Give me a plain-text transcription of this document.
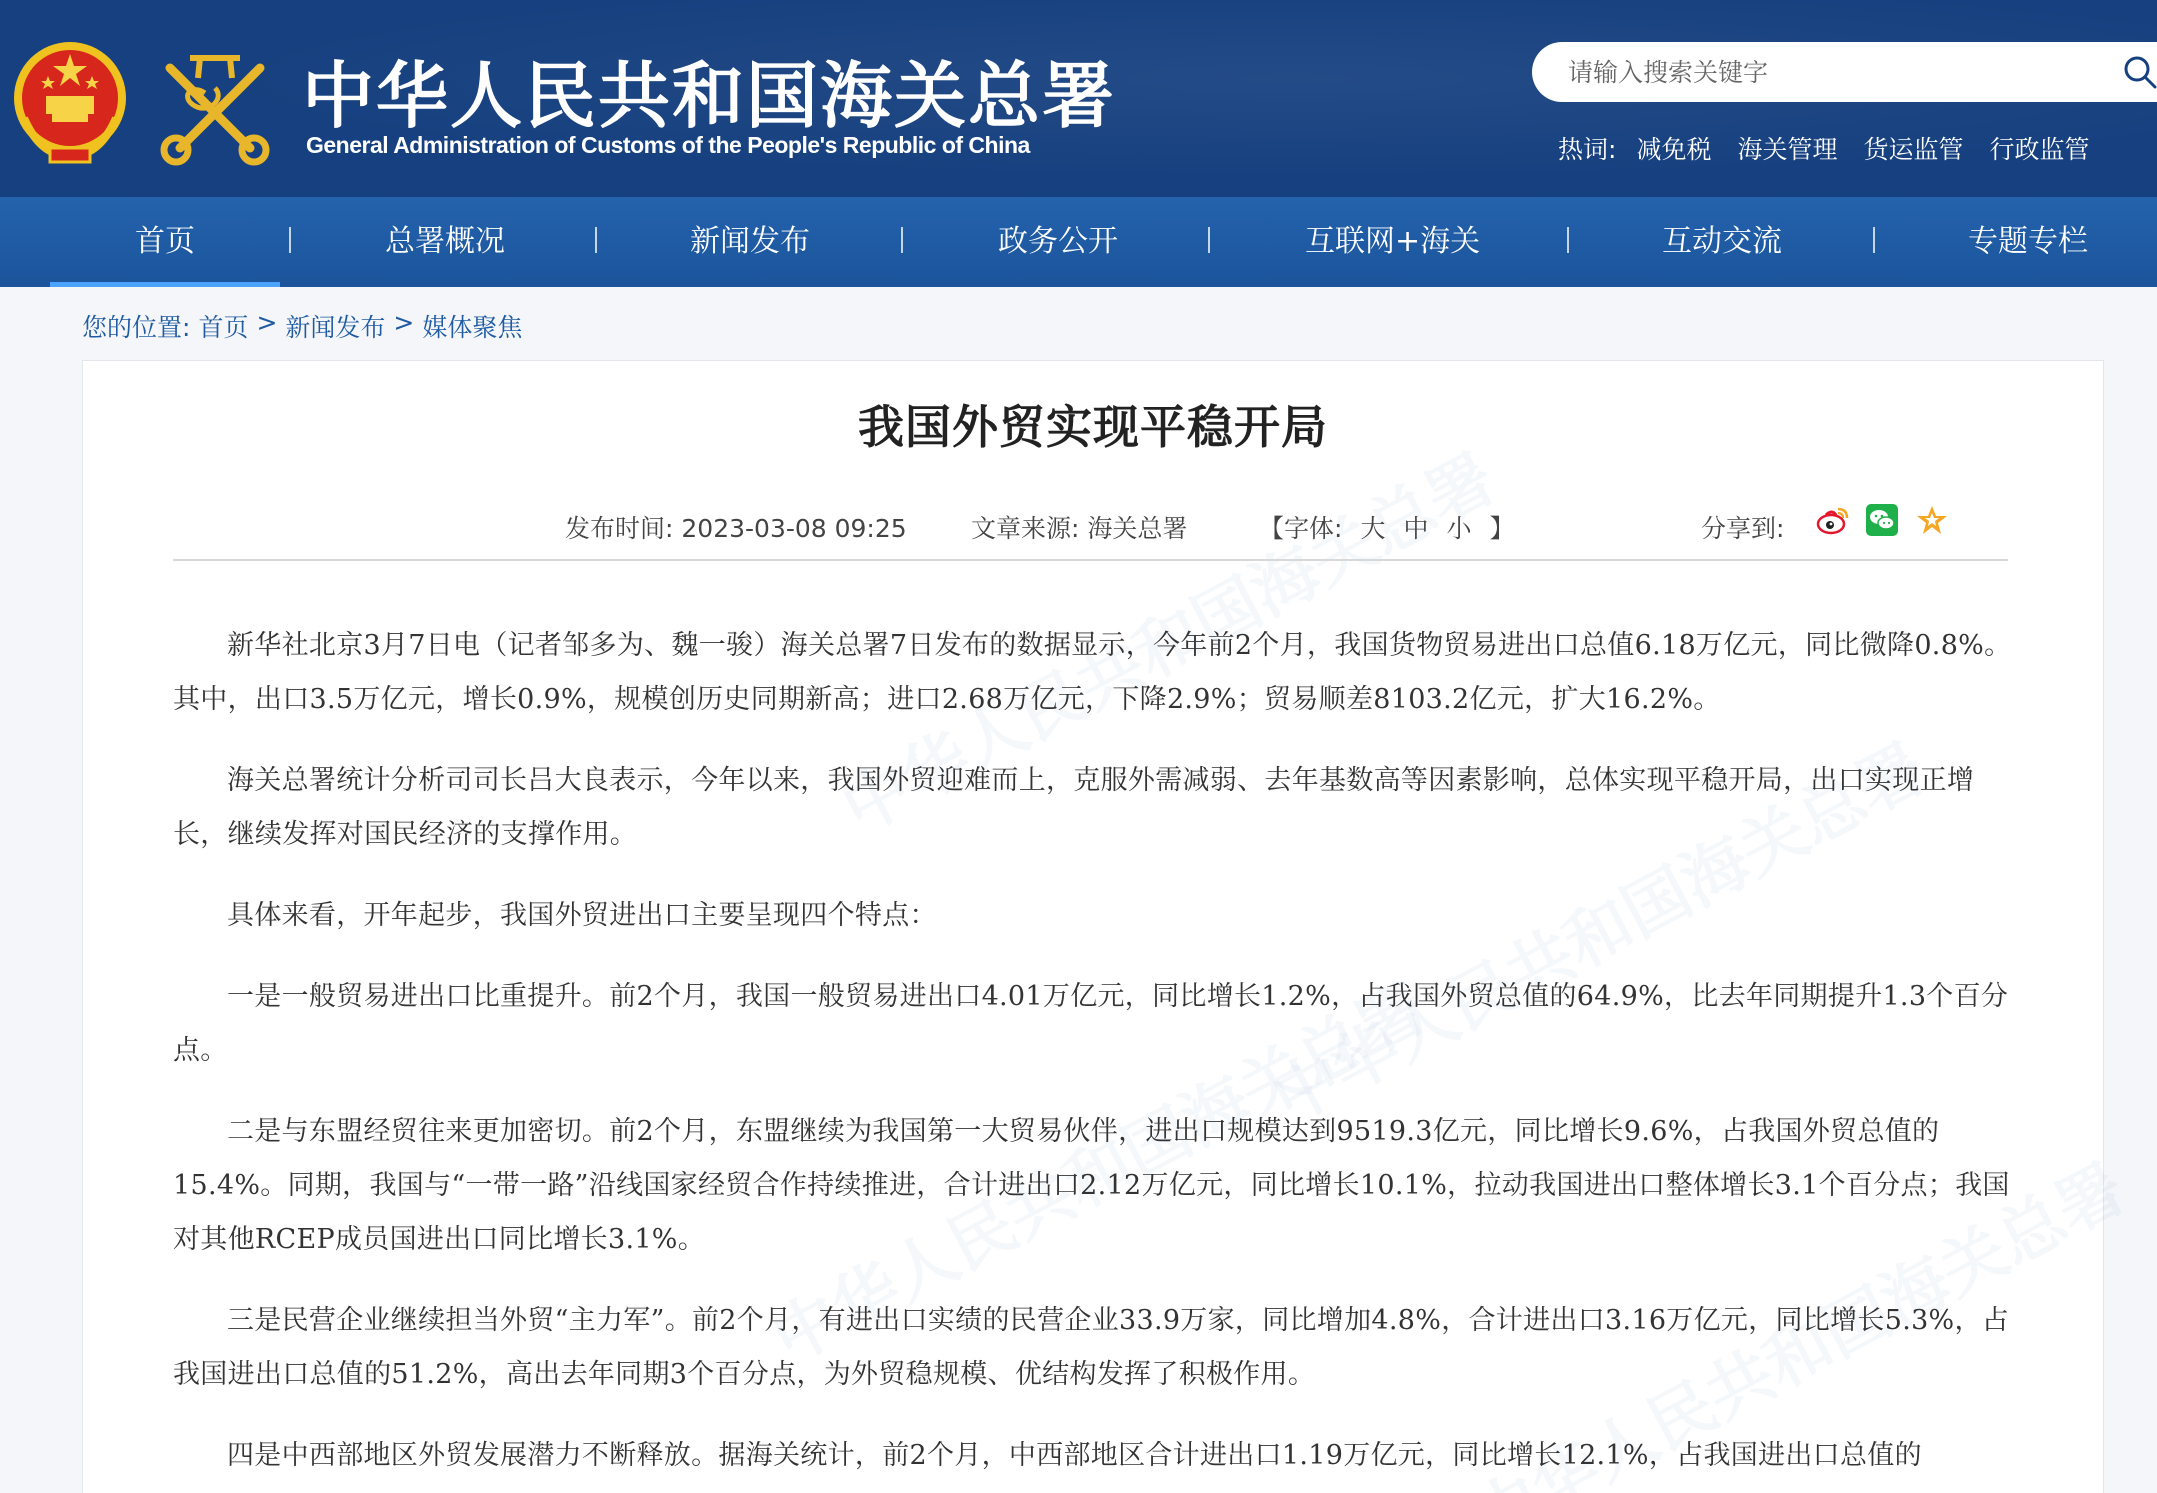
中华人民共和国海关总署
General Administration of Customs of the People's Republic of China
请输入搜索关键字	热词: 减免税 海关管理 货运监管 行政监管
首页	总署概况	新闻发布	政务公开	互联网+海关	互动交流	专题专栏
您的位置: 首页 > 新闻发布 > 媒体聚焦
我国外贸实现平稳开局
发布时间: 2023-03-08 09:25	文章来源: 海关总署	【字体: 大 中 小 】	分享到:

新华社北京3月7日电（记者邹多为、魏一骏）海关总署7日发布的数据显示，今年前2个月，我国货物贸易进出口总值6.18万亿元，同比微降0.8%。其中，出口3.5万亿元，增长0.9%，规模创历史同期新高；进口2.68万亿元，下降2.9%；贸易顺差8103.2亿元，扩大16.2%。

海关总署统计分析司司长吕大良表示，今年以来，我国外贸迎难而上，克服外需减弱、去年基数高等因素影响，总体实现平稳开局，出口实现正增长，继续发挥对国民经济的支撑作用。

具体来看，开年起步，我国外贸进出口主要呈现四个特点：

一是一般贸易进出口比重提升。前2个月，我国一般贸易进出口4.01万亿元，同比增长1.2%，占我国外贸总值的64.9%，比去年同期提升1.3个百分点。

二是与东盟经贸往来更加密切。前2个月，东盟继续为我国第一大贸易伙伴，进出口规模达到9519.3亿元，同比增长9.6%，占我国外贸总值的15.4%。同期，我国与“一带一路”沿线国家经贸合作持续推进，合计进出口2.12万亿元，同比增长10.1%，拉动我国进出口整体增长3.1个百分点；我国对其他RCEP成员国进出口同比增长3.1%。

三是民营企业继续担当外贸“主力军”。前2个月，有进出口实绩的民营企业33.9万家，同比增加4.8%，合计进出口3.16万亿元，同比增长5.3%，占我国进出口总值的51.2%，高出去年同期3个百分点，为外贸稳规模、优结构发挥了积极作用。

四是中西部地区外贸发展潜力不断释放。据海关统计，前2个月，中西部地区合计进出口1.19万亿元，同比增长12.1%，占我国进出口总值的
